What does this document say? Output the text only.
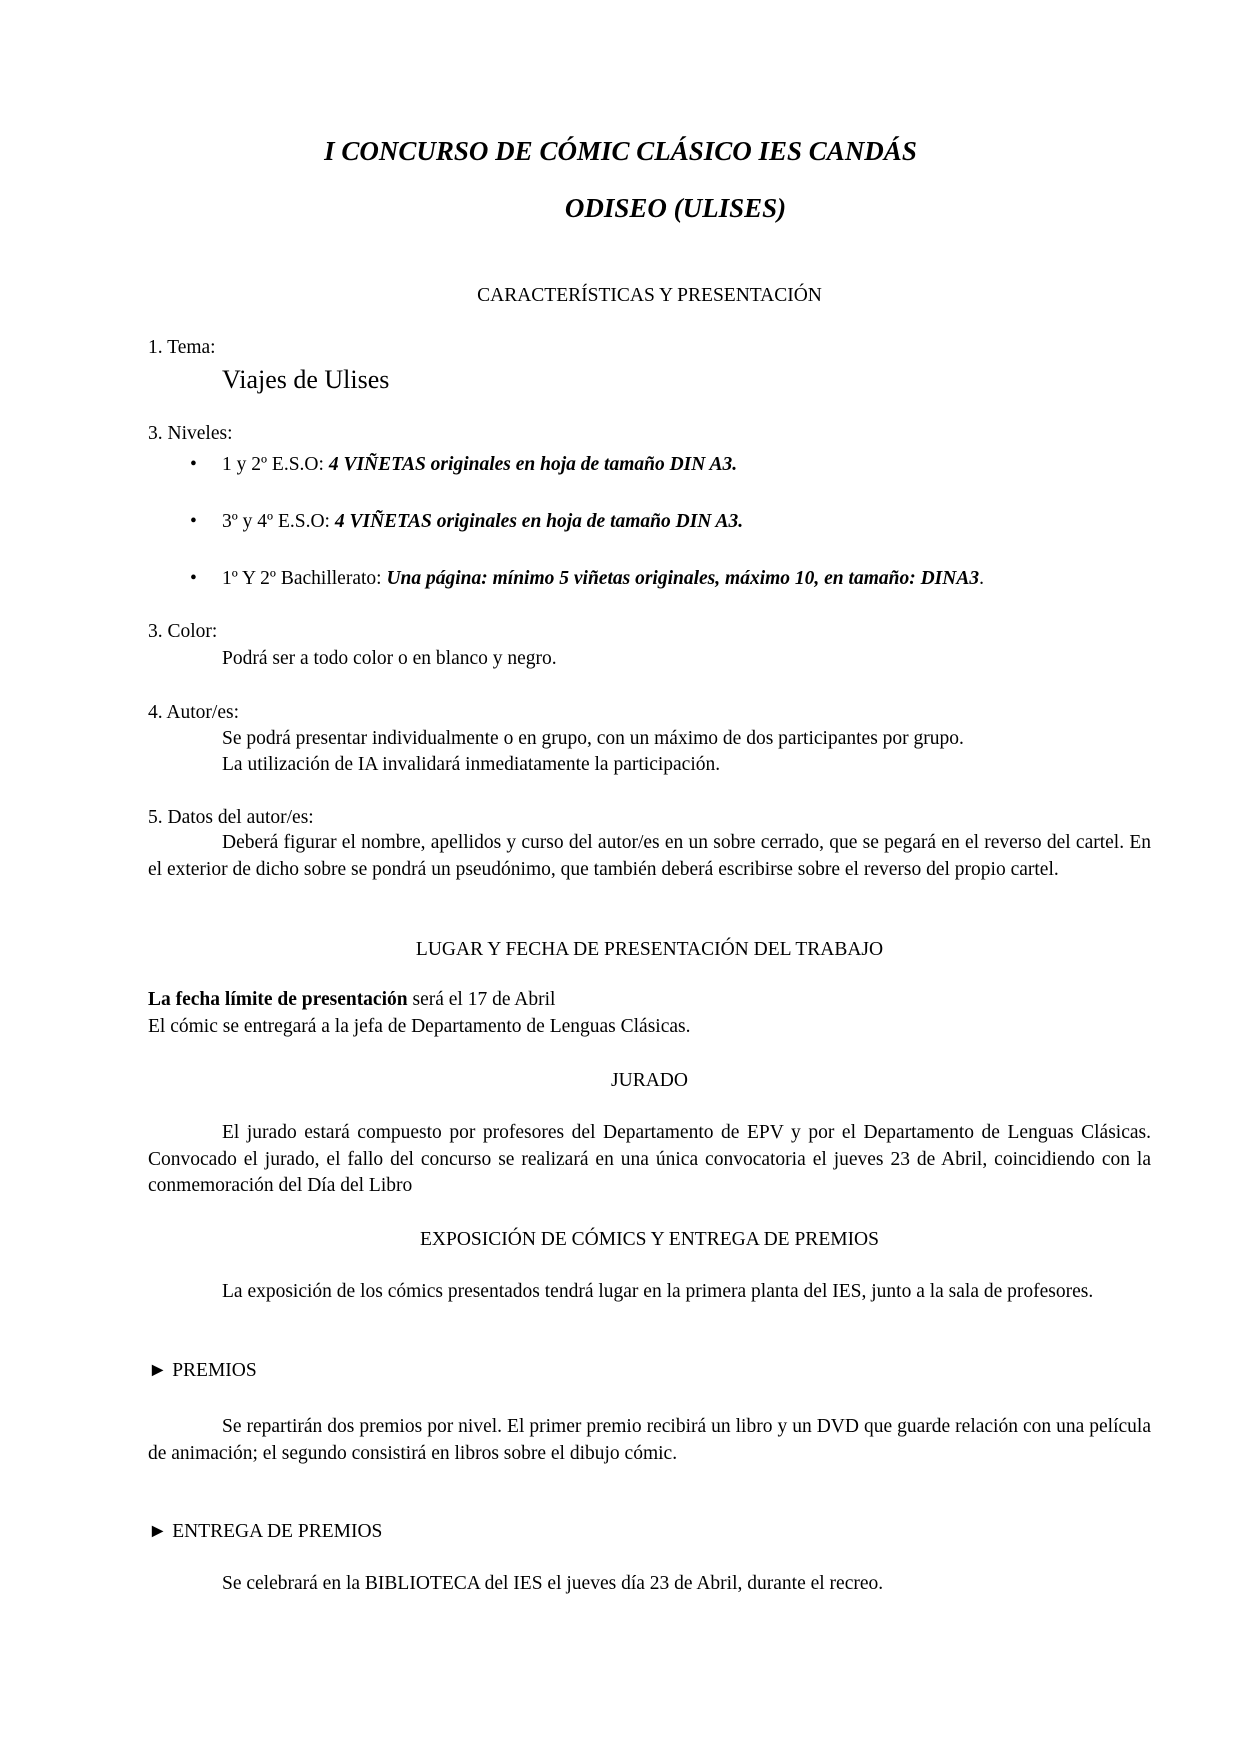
I CONCURSO DE CÓMIC CLÁSICO IES CANDÁS
ODISEO (ULISES)
CARACTERÍSTICAS Y PRESENTACIÓN
1. Tema:
Viajes de Ulises
3. Niveles:
• 1 y 2º E.S.O: 4 VIÑETAS originales en hoja de tamaño DIN A3.
• 3º y 4º E.S.O: 4 VIÑETAS originales en hoja de tamaño DIN A3.
• 1º Y 2º Bachillerato: Una página: mínimo 5 viñetas originales, máximo 10, en tamaño: DINA3.
3. Color:
Podrá ser a todo color o en blanco y negro.
4. Autor/es:
Se podrá presentar individualmente o en grupo, con un máximo de dos participantes por grupo.
La utilización de IA invalidará inmediatamente la participación.
5. Datos del autor/es:
Deberá figurar el nombre, apellidos y curso del autor/es en un sobre cerrado, que se pegará en el reverso del cartel. En el exterior de dicho sobre se pondrá un pseudónimo, que también deberá escribirse sobre el reverso del propio cartel.
LUGAR Y FECHA DE PRESENTACIÓN DEL TRABAJO
La fecha límite de presentación será el 17 de Abril
El cómic se entregará a la jefa de Departamento de Lenguas Clásicas.
JURADO
El jurado estará compuesto por profesores del Departamento de EPV y por el Departamento de Lenguas Clásicas. Convocado el jurado, el fallo del concurso se realizará en una única convocatoria el jueves 23 de Abril, coincidiendo con la conmemoración del Día del Libro
EXPOSICIÓN DE CÓMICS Y ENTREGA DE PREMIOS
La exposición de los cómics presentados tendrá lugar en la primera planta del IES, junto a la sala de profesores.
► PREMIOS
Se repartirán dos premios por nivel. El primer premio recibirá un libro y un DVD que guarde relación con una película de animación; el segundo consistirá en libros sobre el dibujo cómic.
► ENTREGA DE PREMIOS
Se celebrará en la BIBLIOTECA del IES el jueves día 23 de Abril, durante el recreo.
